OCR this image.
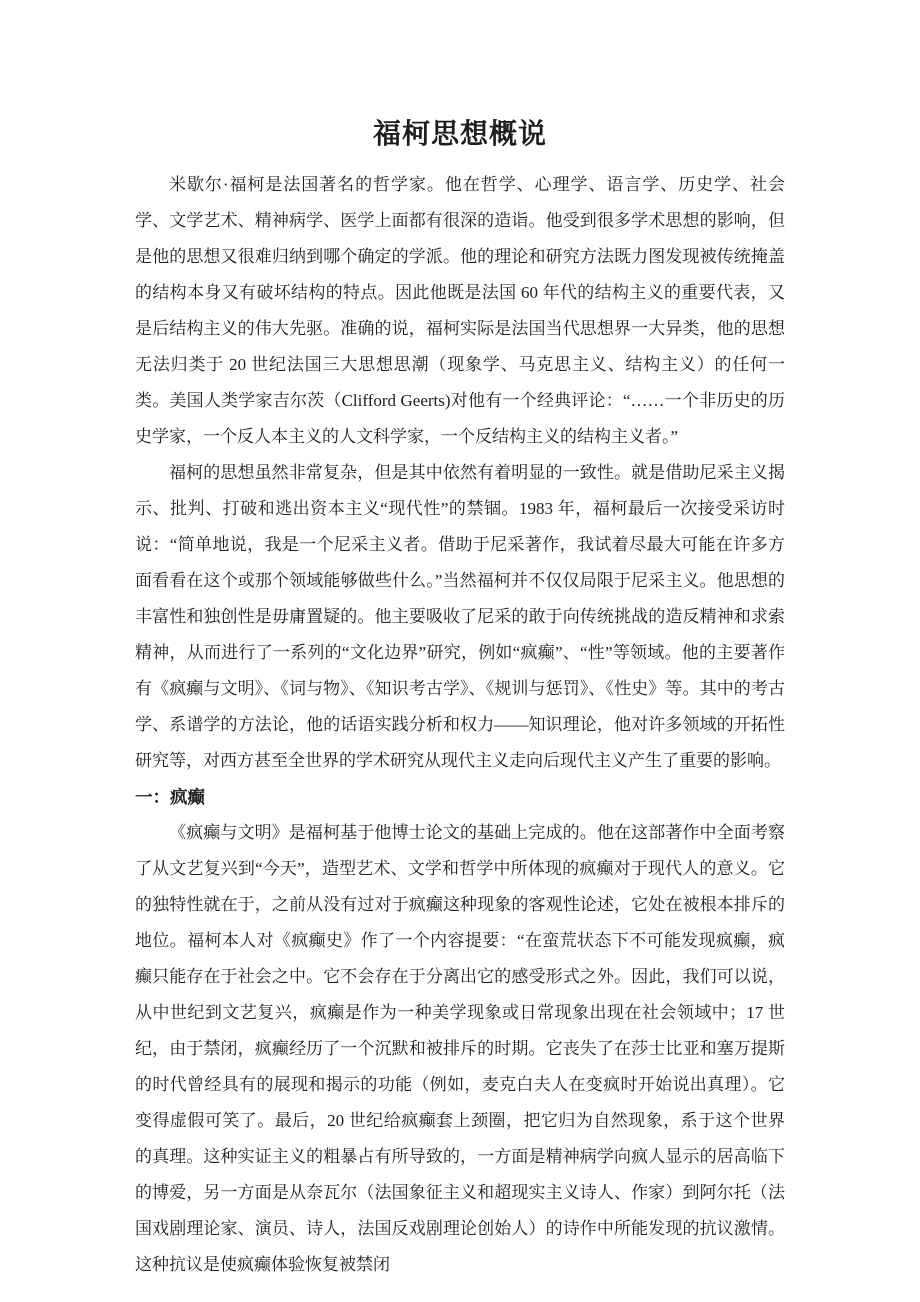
福柯思想概说

米歇尔·福柯是法国著名的哲学家。他在哲学、心理学、语言学、历史学、社会学、文学艺术、精神病学、医学上面都有很深的造诣。他受到很多学术思想的影响，但是他的思想又很难归纳到哪个确定的学派。他的理论和研究方法既力图发现被传统掩盖的结构本身又有破坏结构的特点。因此他既是法国 60 年代的结构主义的重要代表，又是后结构主义的伟大先驱。准确的说，福柯实际是法国当代思想界一大异类，他的思想无法归类于 20 世纪法国三大思想思潮（现象学、马克思主义、结构主义）的任何一类。美国人类学家吉尔茨（Clifford Geerts)对他有一个经典评论：“……一个非历史的历史学家，一个反人本主义的人文科学家，一个反结构主义的结构主义者。”

福柯的思想虽然非常复杂，但是其中依然有着明显的一致性。就是借助尼采主义揭示、批判、打破和逃出资本主义“现代性”的禁锢。1983 年，福柯最后一次接受采访时说：“简单地说，我是一个尼采主义者。借助于尼采著作，我试着尽最大可能在许多方面看看在这个或那个领域能够做些什么。”当然福柯并不仅仅局限于尼采主义。他思想的丰富性和独创性是毋庸置疑的。他主要吸收了尼采的敢于向传统挑战的造反精神和求索精神，从而进行了一系列的“文化边界”研究，例如“疯癫”、“性”等领域。他的主要著作有《疯癫与文明》、《词与物》、《知识考古学》、《规训与惩罚》、《性史》等。其中的考古学、系谱学的方法论，他的话语实践分析和权力——知识理论，他对许多领域的开拓性研究等，对西方甚至全世界的学术研究从现代主义走向后现代主义产生了重要的影响。

一：疯癫

《疯癫与文明》是福柯基于他博士论文的基础上完成的。他在这部著作中全面考察了从文艺复兴到“今天”，造型艺术、文学和哲学中所体现的疯癫对于现代人的意义。它的独特性就在于，之前从没有过对于疯癫这种现象的客观性论述，它处在被根本排斥的地位。福柯本人对《疯癫史》作了一个内容提要：“在蛮荒状态下不可能发现疯癫，疯癫只能存在于社会之中。它不会存在于分离出它的感受形式之外。因此，我们可以说，从中世纪到文艺复兴，疯癫是作为一种美学现象或日常现象出现在社会领域中；17 世纪，由于禁闭，疯癫经历了一个沉默和被排斥的时期。它丧失了在莎士比亚和塞万提斯的时代曾经具有的展现和揭示的功能（例如，麦克白夫人在变疯时开始说出真理）。它变得虚假可笑了。最后，20 世纪给疯癫套上颈圈，把它归为自然现象，系于这个世界的真理。这种实证主义的粗暴占有所导致的，一方面是精神病学向疯人显示的居高临下的博爱，另一方面是从奈瓦尔（法国象征主义和超现实主义诗人、作家）到阿尔托（法国戏剧理论家、演员、诗人，法国反戏剧理论创始人）的诗作中所能发现的抗议激情。这种抗议是使疯癫体验恢复被禁闭
